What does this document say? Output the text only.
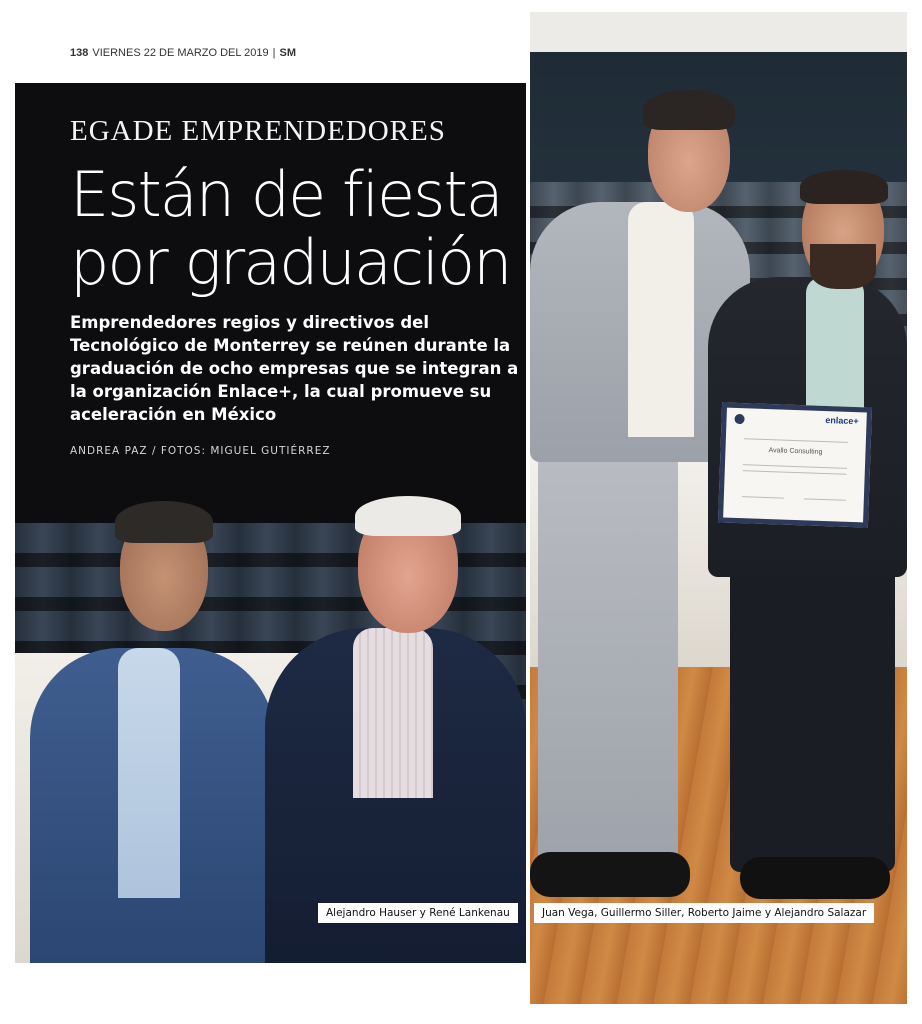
138 VIERNES 22 DE MARZO DEL 2019 | SM
EGADE EMPRENDEDORES
Están de fiesta
por graduación
Emprendedores regios y directivos del Tecnológico de Monterrey se reúnen durante la graduación de ocho empresas que se integran a la organización Enlace+, la cual promueve su aceleración en México
ANDREA PAZ / FOTOS: MIGUEL GUTIÉRREZ
Alejandro Hauser y René Lankenau
enlace+
Avallo Consulting
Juan Vega, Guillermo Siller, Roberto Jaime y Alejandro Salazar
